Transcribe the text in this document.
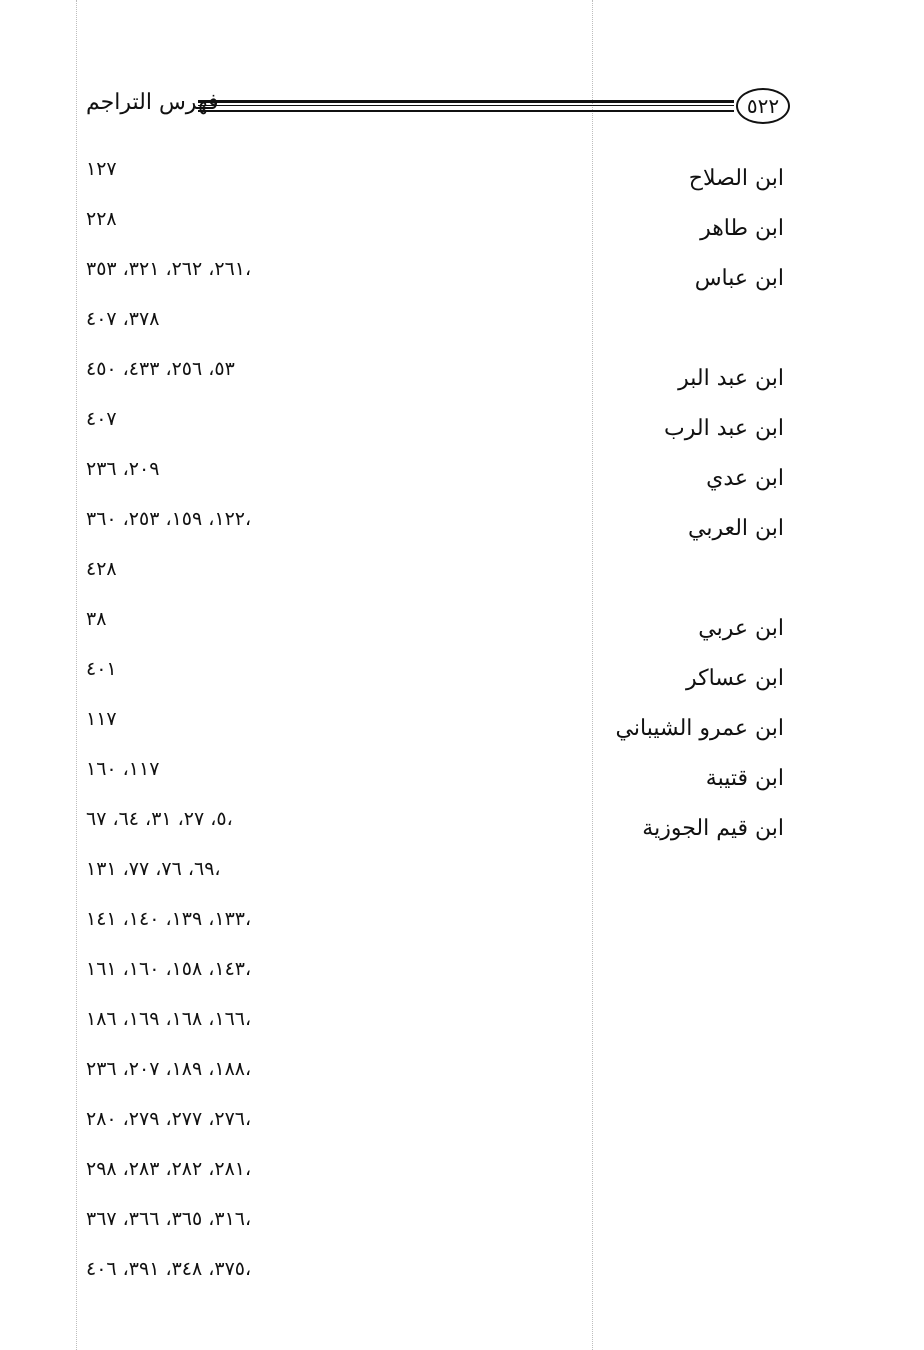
فهرس التراجم	٥٢٢
ابن الصلاح
ابن طاهر
ابن عباس
ابن عبد البر
ابن عبد الرب
ابن عدي
ابن العربي
ابن عربي
ابن عساكر
ابن عمرو الشيباني
ابن قتيبة
ابن قيم الجوزية
١٢٧
٢٢٨
٢٦١، ٢٦٢، ٣٢١، ٣٥٣،
٣٧٨، ٤٠٧
٥٣، ٢٥٦، ٤٣٣، ٤٥٠
٤٠٧
٢٠٩، ٢٣٦
١٢٢، ١٥٩، ٢٥٣، ٣٦٠،
٤٢٨
٣٨
٤٠١
١١٧
١١٧، ١٦٠
٥، ٢٧، ٣١، ٦٤، ٦٧،
٦٩، ٧٦، ٧٧، ١٣١،
١٣٣، ١٣٩، ١٤٠، ١٤١،
١٤٣، ١٥٨، ١٦٠، ١٦١،
١٦٦، ١٦٨، ١٦٩، ١٨٦،
١٨٨، ١٨٩، ٢٠٧، ٢٣٦،
٢٧٦، ٢٧٧، ٢٧٩، ٢٨٠،
٢٨١، ٢٨٢، ٢٨٣، ٢٩٨،
٣١٦، ٣٦٥، ٣٦٦، ٣٦٧،
٣٧٥، ٣٤٨، ٣٩١، ٤٠٦،
